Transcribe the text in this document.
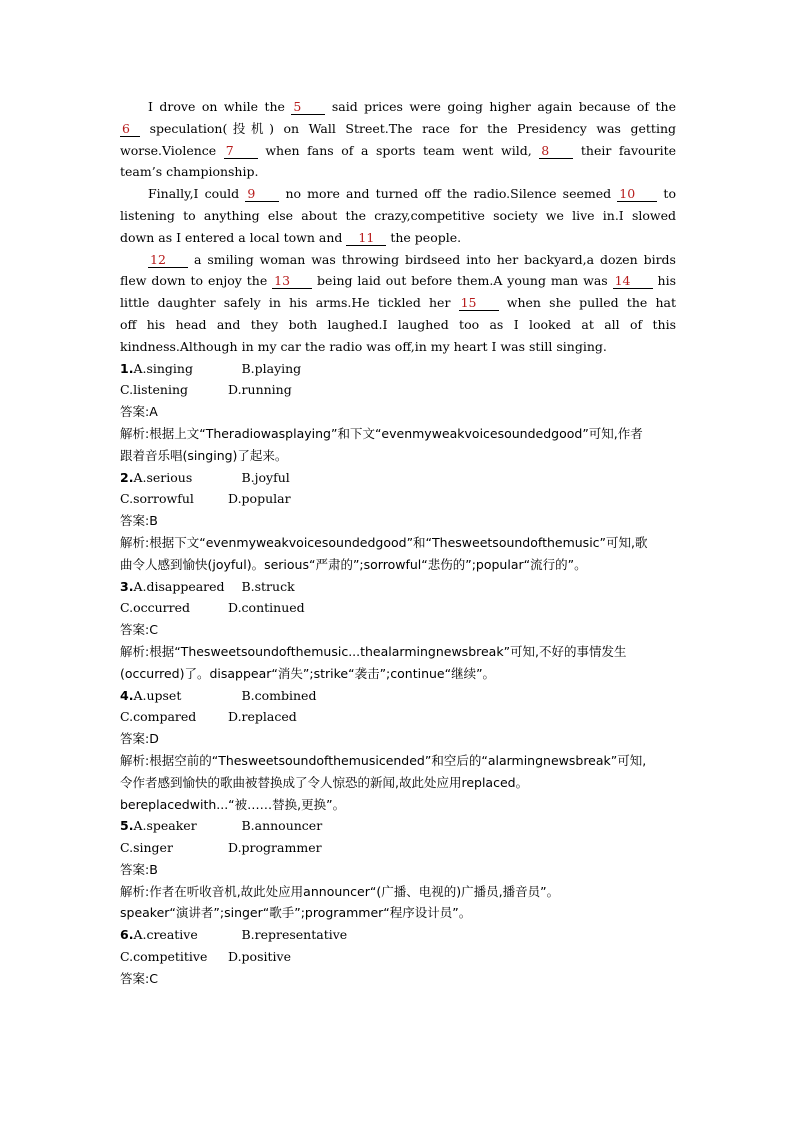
I drove on while the 5 said prices were going higher again because of the
6 speculation(投机) on Wall Street.The race for the Presidency was getting
worse.Violence 7	when fans of a sports team went wild, 8	their favourite
team’s championship.
Finally,I could 9 no more and turned off the radio.Silence seemed 10 to
listening to anything else about the crazy,competitive society we live in.I slowed
down as I entered a local town and 11 the people.
12 a smiling woman was throwing birdseed into her backyard,a dozen birds
flew down to enjoy the 13 being laid out before them.A young man was 14 his
little daughter safely in his arms.He tickled her 15 when she pulled the hat
off his head and they both laughed.I laughed too as I looked at all of this
kindness.Although in my car the radio was off,in my heart I was still singing.
1.A.singing	B.playing
C.listening	D.running
答案:A
解析:根据上文“Theradiowasplaying”和下文“evenmyweakvoicesoundedgood”可知,作者
跟着音乐唱(singing)了起来。
2.A.serious	B.joyful
C.sorrowful	D.popular
答案:B
解析:根据下文“evenmyweakvoicesoundedgood”和“Thesweetsoundofthemusic”可知,歌
曲令人感到愉快(joyful)。serious“严肃的”;sorrowful“悲伤的”;popular“流行的”。
3.A.disappeared B.struck
C.occurred	D.continued
答案:C
解析:根据“Thesweetsoundofthemusic...thealarmingnewsbreak”可知,不好的事情发生
(occurred)了。disappear“消失”;strike“袭击”;continue“继续”。
4.A.upset	B.combined
C.compared	D.replaced
答案:D
解析:根据空前的“Thesweetsoundofthemusicended”和空后的“alarmingnewsbreak”可知,
令作者感到愉快的歌曲被替换成了令人惊恐的新闻,故此处应用replaced。
bereplacedwith...“被……替换,更换”。
5.A.speaker	B.announcer
C.singer	D.programmer
答案:B
解析:作者在听收音机,故此处应用announcer“(广播、电视的)广播员,播音员”。
speaker“演讲者”;singer“歌手”;programmer“程序设计员”。
6.A.creative	B.representative
C.competitive D.positive
答案:C
